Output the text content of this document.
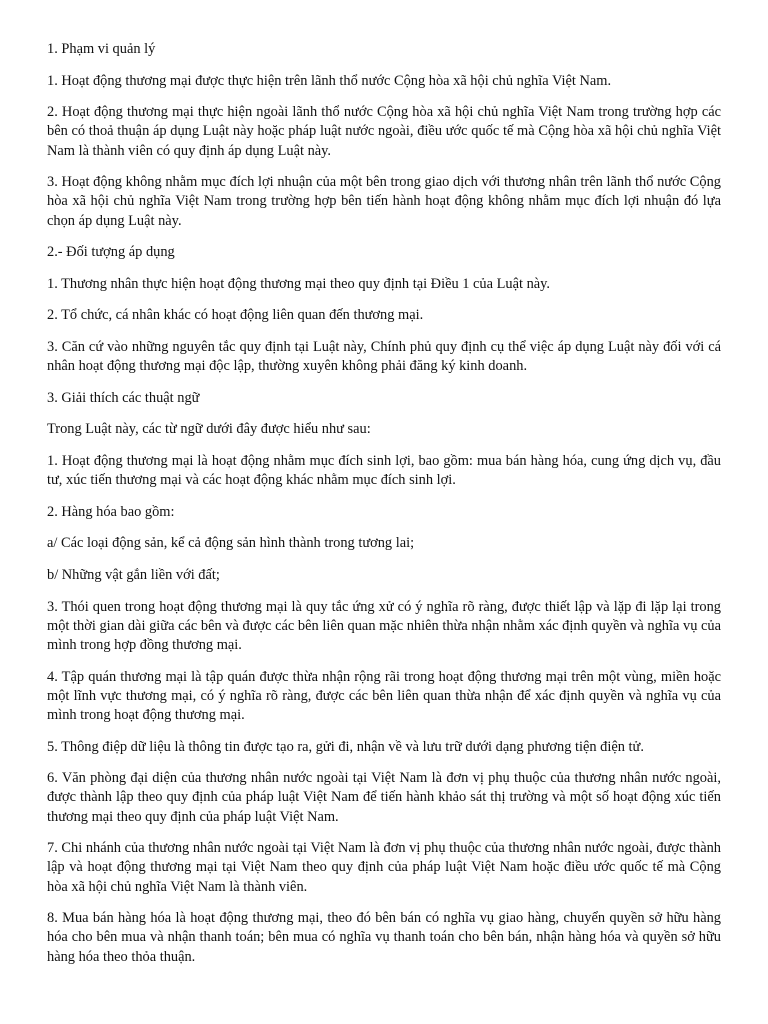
1. Phạm vi quản lý

1. Hoạt động thương mại được thực hiện trên lãnh thổ nước Cộng hòa xã hội chủ nghĩa Việt Nam.

2. Hoạt động thương mại thực hiện ngoài lãnh thổ nước Cộng hòa xã hội chủ nghĩa Việt Nam trong trường hợp các bên có thoả thuận áp dụng Luật này hoặc pháp luật nước ngoài, điều ước quốc tế mà Cộng hòa xã hội chủ nghĩa Việt Nam là thành viên có quy định áp dụng Luật này.

3. Hoạt động không nhằm mục đích lợi nhuận của một bên trong giao dịch với thương nhân trên lãnh thổ nước Cộng hòa xã hội chủ nghĩa Việt Nam trong trường hợp bên tiến hành hoạt động không nhằm mục đích lợi nhuận đó lựa chọn áp dụng Luật này.

2.- Đối tượng áp dụng

1. Thương nhân thực hiện hoạt động thương mại theo quy định tại Điều 1 của Luật này.

2. Tổ chức, cá nhân khác có hoạt động liên quan đến thương mại.

3. Căn cứ vào những nguyên tắc quy định tại Luật này, Chính phủ quy định cụ thể việc áp dụng Luật này đối với cá nhân hoạt động thương mại độc lập, thường xuyên không phải đăng ký kinh doanh.

3. Giải thích các thuật ngữ

Trong Luật này, các từ ngữ dưới đây được hiểu như sau:

1. Hoạt động thương mại là hoạt động nhằm mục đích sinh lợi, bao gồm: mua bán hàng hóa, cung ứng dịch vụ, đầu tư, xúc tiến thương mại và các hoạt động khác nhằm mục đích sinh lợi.

2. Hàng hóa bao gồm:

a/ Các loại động sản, kể cả động sản hình thành trong tương lai;

b/ Những vật gắn liền với đất;

3. Thói quen trong hoạt động thương mại là quy tắc ứng xử có ý nghĩa rõ ràng, được thiết lập và lặp đi lặp lại trong một thời gian dài giữa các bên và được các bên liên quan mặc nhiên thừa nhận nhằm xác định quyền và nghĩa vụ của mình trong hợp đồng thương mại.

4. Tập quán thương mại là tập quán được thừa nhận rộng rãi trong hoạt động thương mại trên một vùng, miền hoặc một lĩnh vực thương mại, có ý nghĩa rõ ràng, được các bên liên quan thừa nhận để xác định quyền và nghĩa vụ của mình trong hoạt động thương mại.

5. Thông điệp dữ liệu là thông tin được tạo ra, gửi đi, nhận về và lưu trữ dưới dạng phương tiện điện tử.

6. Văn phòng đại diện của thương nhân nước ngoài tại Việt Nam là đơn vị phụ thuộc của thương nhân nước ngoài, được thành lập theo quy định của pháp luật Việt Nam để tiến hành khảo sát thị trường và một số hoạt động xúc tiến thương mại theo quy định của pháp luật Việt Nam.

7. Chi nhánh của thương nhân nước ngoài tại Việt Nam là đơn vị phụ thuộc của thương nhân nước ngoài, được thành lập và hoạt động thương mại tại Việt Nam theo quy định của pháp luật Việt Nam hoặc điều ước quốc tế mà Cộng hòa xã hội chủ nghĩa Việt Nam là thành viên.

8. Mua bán hàng hóa là hoạt động thương mại, theo đó bên bán có nghĩa vụ giao hàng, chuyển quyền sở hữu hàng hóa cho bên mua và nhận thanh toán; bên mua có nghĩa vụ thanh toán cho bên bán, nhận hàng hóa và quyền sở hữu hàng hóa theo thỏa thuận.
